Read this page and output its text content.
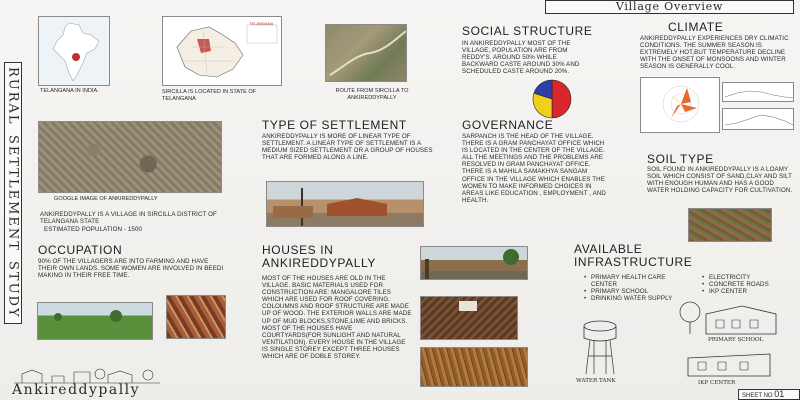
RURAL
SETTLEMENT
STUDY
Village Overview
TELANGANA IN INDIA.
TELANGANA
SIRCILLA IS LOCATED IN STATE OF TELANGANA
ROUTE FROM SIRCILLA TO ANKIREDDYPALLY
GOOGLE IMAGE OF ANKIREDDYPALLY
ANKIREDDYPALLY IS A VILLAGE IN SIRCILLA DISTRICT OF TELANGANA STATE
ESTIMATED POPULATION - 1500
TYPE OF SETTLEMENT
ANKIREDDYPALLY IS MORE OF LINEAR TYPE OF SETTLEMENT. A LINEAR TYPE OF SETTLEMENT IS A MEDIUM SIZED SETTLEMENT OR A GROUP OF HOUSES THAT ARE FORMED ALONG A LINE.
SOCIAL STRUCTURE
IN ANKIREDDYPALLY MOST OF THE VILLAGE, POPULATION ARE FROM REDDY'S. AROUND 50% WHILE BACKWARD CASTE AROUND 30% AND SCHEDULED CASTE AROUND 20%.
CLIMATE
ANKIREDDYPALLY EXPERIENCES DRY CLIMATIC CONDITIONS. THE SUMMER SEASON IS EXTREMELY HOT,BUT TEMPERATURE DECLINE WITH THE ONSET OF MONSOONS AND WINTER SEASON IS GENERALLY COOL.
GOVERNANCE
SARPANCH IS THE HEAD OF THE VILLAGE. THERE IS A GRAM PANCHAYAT OFFICE WHICH IS LOCATED IN THE CENTER OF THE VILLAGE. ALL THE MEETINGS AND THE PROBLEMS ARE RESOLVED IN GRAM PANCHAYAT OFFICE. THERE IS A MAHILA SAMAKHYA SANGAM OFFICE IN THE VILLAGE WHICH ENABLES THE WOMEN TO MAKE INFORMED CHOICES IN AREAS LIKE EDUCATION , EMPLOYMENT , AND HEALTH.
SOIL TYPE
SOIL FOUND IN ANKIREDDYPALLY IS A LOAMY SOIL WHICH CONSIST OF SAND,CLAY AND SILT WITH ENOUGH HUMAN AND HAS A GOOD WATER HOLDING CAPACITY FOR CULTIVATION.
OCCUPATION
90% OF THE VILLAGERS ARE INTO FARMING AND HAVE THEIR OWN LANDS. SOME WOMEN ARE INVOLVED IN BEEDI MAKING IN THEIR FREE TIME.
HOUSES IN ANKIREDDYPALLY
MOST OF THE HOUSES ARE OLD IN THE VILLAGE. BASIC MATERIALS USED FOR CONSTRUCTION ARE: MANGALORE TILES WHICH ARE USED FOR ROOF COVERING. COLOUMNS AND ROOF STRUCTURE ARE MADE UP OF WOOD. THE EXTERIOR WALLS ARE MADE UP OF MUD BLOCKS,STONE,LIME AND BRICKS. MOST OF THE HOUSES HAVE COURTYARDS(FOR SUNLIGHT AND NATURAL VENTILATION). EVERY HOUSE IN THE VILLAGE IS SINGLE STOREY EXCEPT THREE HOUSES WHICH ARE OF DOBLE STOREY.
AVAILABLE INFRASTRUCTURE
• PRIMARY HEALTH CARE CENTER
• PRIMARY SCHOOL
• DRINKING WATER SUPPLY
• ELECTRICITY
• CONCRETE ROADS
• IKP CENTER
WATER TANK
PRIMARY SCHOOL
IKP CENTER
Ankireddypally	SHEET NO 01
